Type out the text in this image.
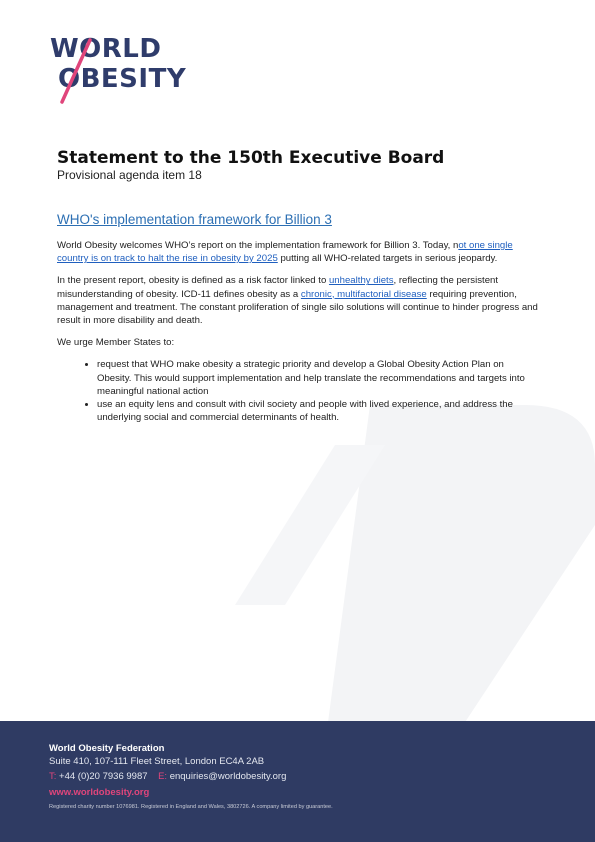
WORLD
OBESITY
Statement to the 150th Executive Board

Provisional agenda item 18

WHO's implementation framework for Billion 3

World Obesity welcomes WHO’s report on the implementation framework for Billion 3. Today, not one single country is on track to halt the rise in obesity by 2025 putting all WHO-related targets in serious jeopardy.

In the present report, obesity is defined as a risk factor linked to unhealthy diets, reflecting the persistent misunderstanding of obesity. ICD-11 defines obesity as a chronic, multifactorial disease requiring prevention, management and treatment. The constant proliferation of single silo solutions will continue to hinder progress and result in more disability and death.

We urge Member States to:

• request that WHO make obesity a strategic priority and develop a Global Obesity Action Plan on Obesity. This would support implementation and help translate the recommendations and targets into meaningful national action
• use an equity lens and consult with civil society and people with lived experience, and address the underlying social and commercial determinants of health.
World Obesity Federation
Suite 410, 107-111 Fleet Street, London EC4A 2AB
T: +44 (0)20 7936 9987 E: enquiries@worldobesity.org
www.worldobesity.org
Registered charity number 1076981. Registered in England and Wales, 3802726. A company limited by guarantee.
